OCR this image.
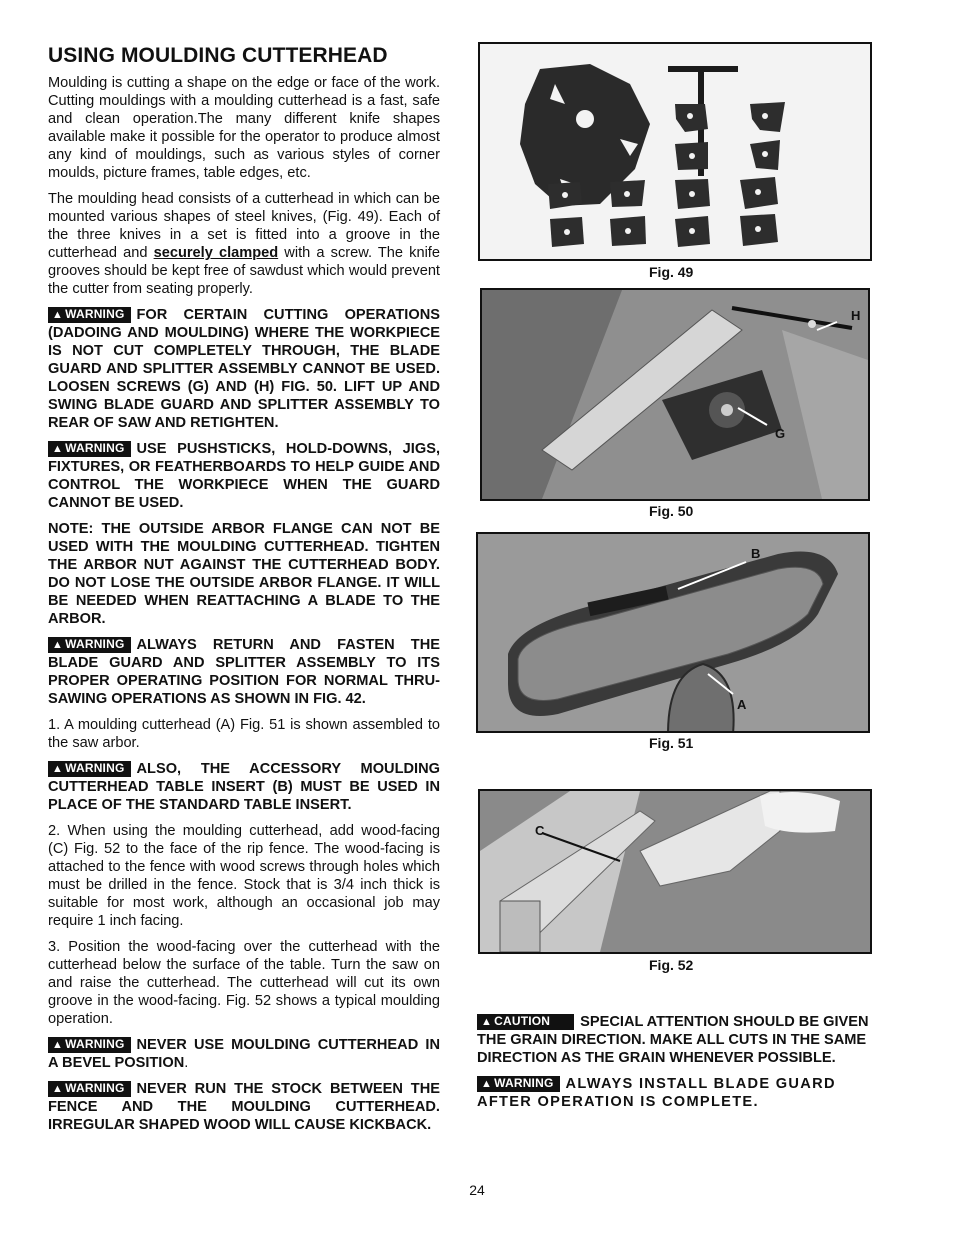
USING MOULDING CUTTERHEAD

Moulding is cutting a shape on the edge or face of the work. Cutting mouldings with a moulding cutterhead is a fast, safe and clean operation.The many different knife shapes available make it possible for the operator to produce almost any kind of mouldings, such as various styles of corner moulds, picture frames, table edges, etc.

The moulding head consists of a cutterhead in which can be mounted various shapes of steel knives, (Fig. 49). Each of the three knives in a set is fitted into a groove in the cutterhead and securely clamped with a screw. The knife grooves should be kept free of sawdust which would prevent the cutter from seating properly.

▲ WARNING FOR CERTAIN CUTTING OPERATIONS (DADOING AND MOULDING) WHERE THE WORKPIECE IS NOT CUT COMPLETELY THROUGH, THE BLADE GUARD AND SPLITTER ASSEMBLY CANNOT BE USED. LOOSEN SCREWS (G) AND (H) FIG. 50. LIFT UP AND SWING BLADE GUARD AND SPLITTER ASSEMBLY TO REAR OF SAW AND RETIGHTEN.

▲ WARNING USE PUSHSTICKS, HOLD-DOWNS, JIGS, FIXTURES, OR FEATHERBOARDS TO HELP GUIDE AND CONTROL THE WORKPIECE WHEN THE GUARD CANNOT BE USED.

NOTE: THE OUTSIDE ARBOR FLANGE CAN NOT BE USED WITH THE MOULDING CUTTERHEAD. TIGHTEN THE ARBOR NUT AGAINST THE CUTTERHEAD BODY. DO NOT LOSE THE OUTSIDE ARBOR FLANGE. IT WILL BE NEEDED WHEN REATTACHING A BLADE TO THE ARBOR.

▲ WARNING ALWAYS RETURN AND FASTEN THE BLADE GUARD AND SPLITTER ASSEMBLY TO ITS PROPER OPERATING POSITION FOR NORMAL THRU-SAWING OPERATIONS AS SHOWN IN FIG. 42.

1. A moulding cutterhead (A) Fig. 51 is shown assembled to the saw arbor.

▲ WARNING ALSO, THE ACCESSORY MOULDING CUTTERHEAD TABLE INSERT (B) MUST BE USED IN PLACE OF THE STANDARD TABLE INSERT.

2. When using the moulding cutterhead, add wood-facing (C) Fig. 52 to the face of the rip fence. The wood-facing is attached to the fence with wood screws through holes which must be drilled in the fence. Stock that is 3/4 inch thick is suitable for most work, although an occasional job may require 1 inch facing.

3. Position the wood-facing over the cutterhead with the cutterhead below the surface of the table. Turn the saw on and raise the cutterhead. The cutterhead will cut its own groove in the wood-facing. Fig. 52 shows a typical moulding operation.

▲ WARNING NEVER USE MOULDING CUTTERHEAD IN A BEVEL POSITION.

▲ WARNING NEVER RUN THE STOCK BETWEEN THE FENCE AND THE MOULDING CUTTERHEAD. IRREGULAR SHAPED WOOD WILL CAUSE KICKBACK.

Fig. 49
H
G
Fig. 50
B
A
Fig. 51
C
Fig. 52

▲ CAUTION SPECIAL ATTENTION SHOULD BE GIVEN THE GRAIN DIRECTION. MAKE ALL CUTS IN THE SAME DIRECTION AS THE GRAIN WHENEVER POSSIBLE.

▲ WARNING ALWAYS INSTALL BLADE GUARD AFTER OPERATION IS COMPLETE.

24
